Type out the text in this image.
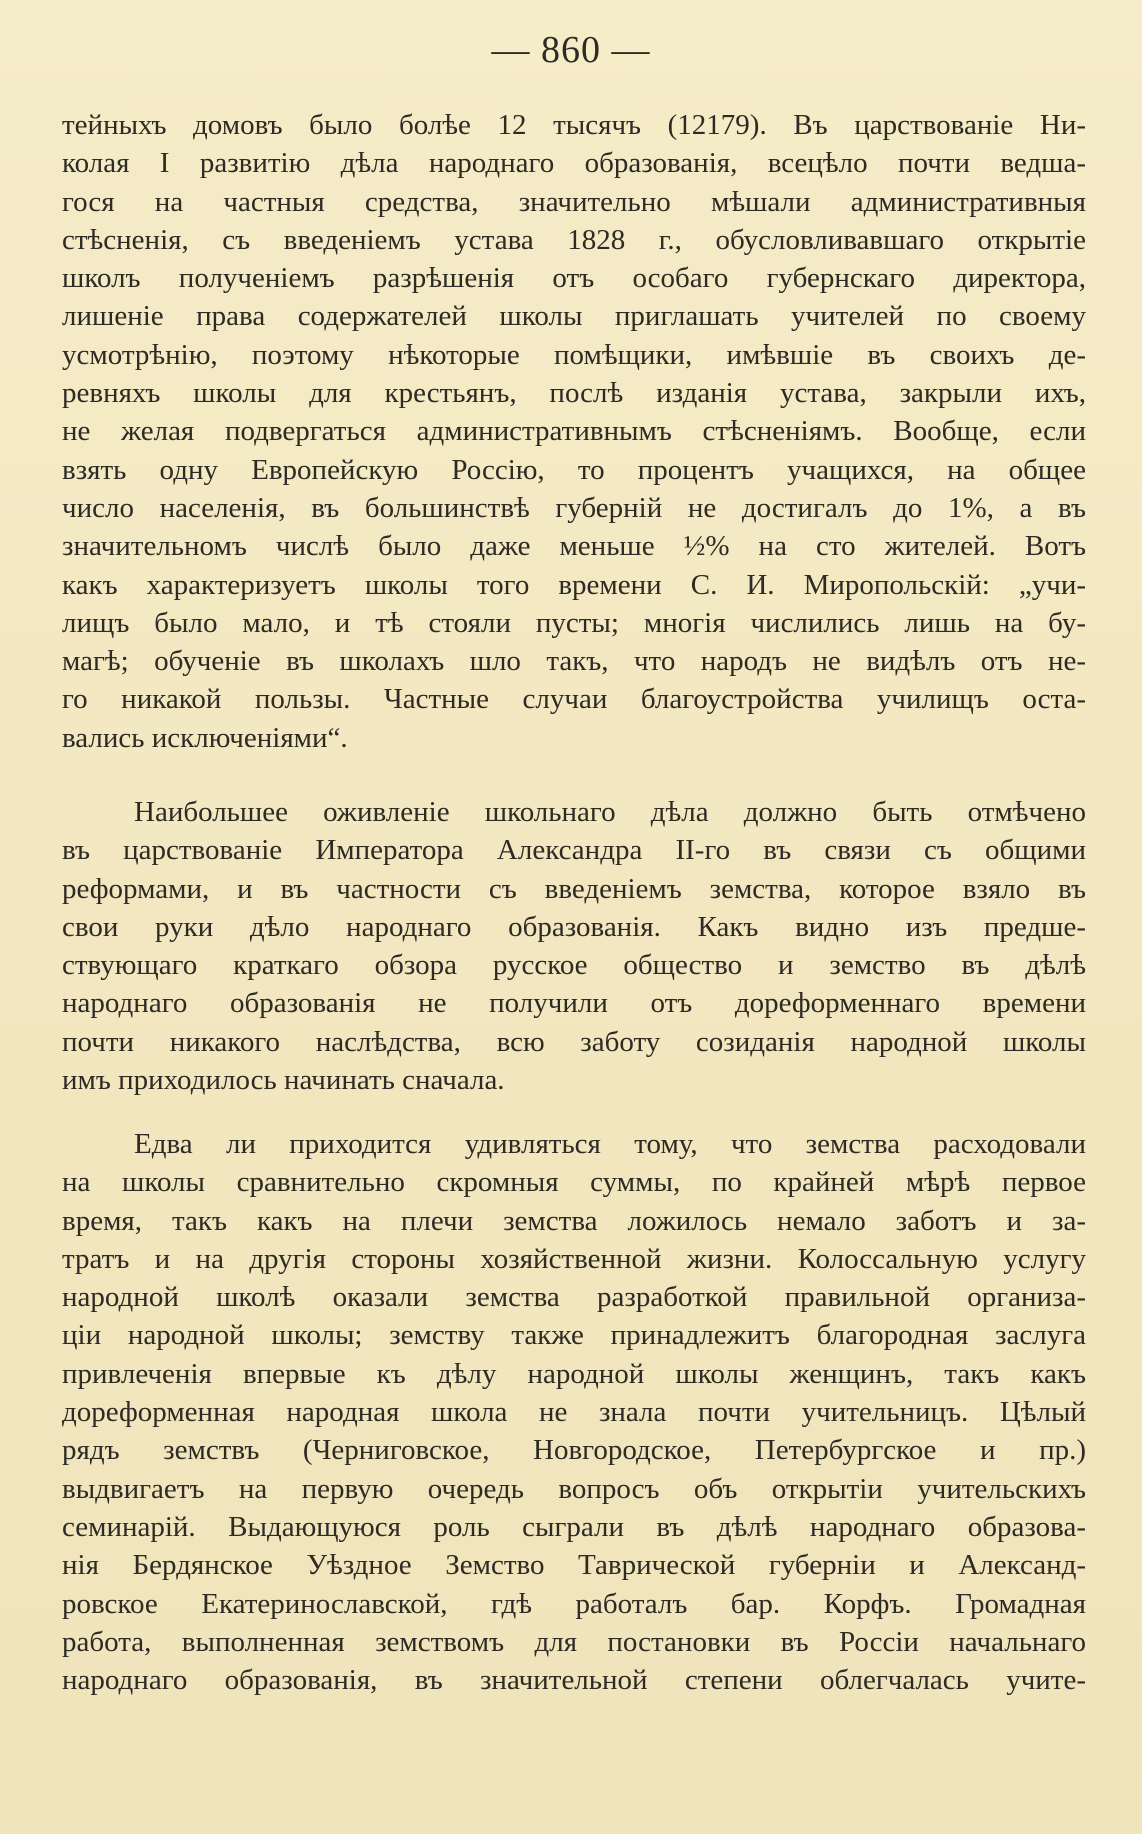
— 860 —
тейныхъ домовъ было болѣе 12 тысячъ (12179). Въ царствованіе Ни-
колая I развитію дѣла народнаго образованія, всецѣло почти ведша-
гося на частныя средства, значительно мѣшали административныя
стѣсненія, съ введеніемъ устава 1828 г., обусловливавшаго открытіе
школъ полученіемъ разрѣшенія отъ особаго губернскаго директора,
лишеніе права содержателей школы приглашать учителей по своему
усмотрѣнію, поэтому нѣкоторые помѣщики, имѣвшіе въ своихъ де-
ревняхъ школы для крестьянъ, послѣ изданія устава, закрыли ихъ,
не желая подвергаться административнымъ стѣсненіямъ. Вообще, если
взять одну Европейскую Россію, то процентъ учащихся, на общее
число населенія, въ большинствѣ губерній не достигалъ до 1%, а въ
значительномъ числѣ было даже меньше ½% на сто жителей. Вотъ
какъ характеризуетъ школы того времени С. И. Миропольскій: „учи-
лищъ было мало, и тѣ стояли пусты; многія числились лишь на бу-
магѣ; обученіе въ школахъ шло такъ, что народъ не видѣлъ отъ не-
го никакой пользы. Частные случаи благоустройства училищъ оста-
вались исключеніями“.
Наибольшее оживленіе школьнаго дѣла должно быть отмѣчено
въ царствованіе Императора Александра II-го въ связи съ общими
реформами, и въ частности съ введеніемъ земства, которое взяло въ
свои руки дѣло народнаго образованія. Какъ видно изъ предше-
ствующаго краткаго обзора русское общество и земство въ дѣлѣ
народнаго образованія не получили отъ дореформеннаго времени
почти никакого наслѣдства, всю заботу созиданія народной школы
имъ приходилось начинать сначала.
Едва ли приходится удивляться тому, что земства расходовали
на школы сравнительно скромныя суммы, по крайней мѣрѣ первое
время, такъ какъ на плечи земства ложилось немало заботъ и за-
тратъ и на другія стороны хозяйственной жизни. Колоссальную услугу
народной школѣ оказали земства разработкой правильной организа-
ціи народной школы; земству также принадлежитъ благородная заслуга
привлеченія впервые къ дѣлу народной школы женщинъ, такъ какъ
дореформенная народная школа не знала почти учительницъ. Цѣлый
рядъ земствъ (Черниговское, Новгородское, Петербургское и пр.)
выдвигаетъ на первую очередь вопросъ объ открытіи учительскихъ
семинарій. Выдающуюся роль сыграли въ дѣлѣ народнаго образова-
нія Бердянское Уѣздное Земство Таврической губерніи и Александ-
ровское Екатеринославской, гдѣ работалъ бар. Корфъ. Громадная
работа, выполненная земствомъ для постановки въ Россіи начальнаго
народнаго образованія, въ значительной степени облегчалась учите-
